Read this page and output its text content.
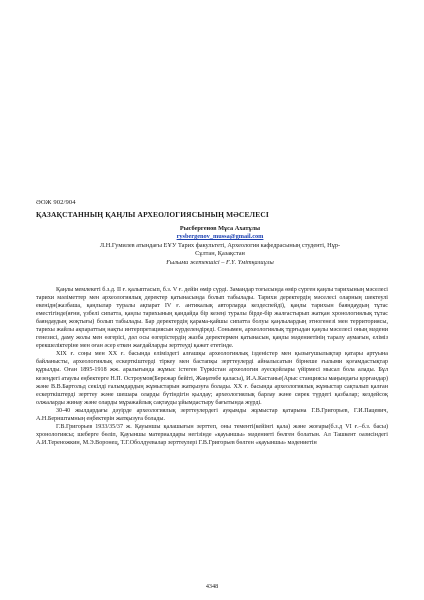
ӘОЖ 902/904
ҚАЗАҚСТАННЫҢ ҚАҢЛЫ АРХЕОЛОГИЯСЫНЫҢ МӘСЕЛЕСІ
Рысбергенов Мұса Ахатұлы
rysbergenov_mussa@gmail.com
Л.Н.Гумилев атындағы ЕҰУ Тарих факультеті, Археология кафедрасының студенті, Нұр-
Сұлтан, Қазақстан
Ғылыми жетекшісі – Ғ.Ү. Үмітқалиұлы

Қаңлы мемлекеті б.з.д. ІІ ғ. қалыптасып, б.з. V ғ. дейін өмір сүрді. Замандар тоғысында өмір сүрген қаңлы тарихының мәселесі тарихи мәліметтер мен археологиялық деректер қатынасында болып табылады. Тарихи деректердің мәселесі оларның шектеулі екенідн(жазбаша, қаңлылар туралы ақпарат IV ғ. антикалық авторларда кездеспейді), қаңлы тарихын баяндаудың тұтас еместігінде(яғни, үзбелі сипатта, қаңлы тарихының қандайда бір кезеңі туралы бірде-бір жалғастырып жатқан хронологиялық тұтас баяндаудың жоқтығы) болып табылады. Бар деректердің қарама-қайшы сипатта болуы қаңлылардың этногенезі мен территориясы, тарихы жайлы ақпараттың нақты интерпретациясын күрделендіреді. Сонымен, археологиялық тұрғыдан қаңлы мәселесі оның мәдени генезисі, даму жолы мен өзгерісі, дәл осы өзгерістердің жазба деректермен қатынасын, қаңлы мәдениетінің таралу аумағын, еліміз ерекшеліктеріне мен оған әсер еткен жағдайларды зерттеуді қажет ететінде.

ХІХ ғ. соңы мен ХХ ғ. басында еліміздегі алғашқы археологиялық ізденістер мен қызығушылықтар қатары артуына байланысты, археологиялық ескерткіштерді тіркеу мен бастапқы зерттеулерді айналысатын бірнеше ғылыми қоғамдастықтар құрылды. Оған 1895-1918 жж. аралығында жұмыс істеген Түркістан археология әуесқойлары үйірмесі мысал бола алады. Бұл кезеңдегі атаулы еңбектерге Н.П. Остроумов(Бережар бейіті, Жаңатөбе қаласы), И.А.Кастанье(Арыс станциясы маңындағы қорғандар) және В.В.Бартольд секілді ғалымдардың жұмыстарын жатқызуға болады. ХХ ғ. басында археологиялық жұмыстар сақталып қалған ескерткіштерді зерттеу және шешара оларды бүтіндігін қылдау; археологиялық барлау және сирек түрдегі қазбалар; кездейсоқ олжаларды жинау және оларды мұражайлық сақтауды ұйымдастыру бағытында жүрді.

30-40 жылдардағы дәуірде археологиялық зерттеулердегі ауқымды жұмыстар қатарына Г.В.Григорьев, Г.И.Пацевич, А.Н.Бернштамның еңбектерін жатқызуға болады.

Г.В.Григорьев 1933/35/37 ж. Қауыншы қалашығын зерттеп, оны тементі(кейінгі қала) және жоғары(б.з.д VI ғ.–б.з. басы) хронологиясы; шеберге бөліп, Қауыншы материалдары негізінде «қауыншы» мәдениеті бөлген болатын. Ал Ташкент оазисіндегі А.И.Тереножкин, М.Э.Воронец, Т.Г.Оболдуевалар зерттеулері Г.В.Григорьев бөлген «қауыншы» мәдениетін

4348
